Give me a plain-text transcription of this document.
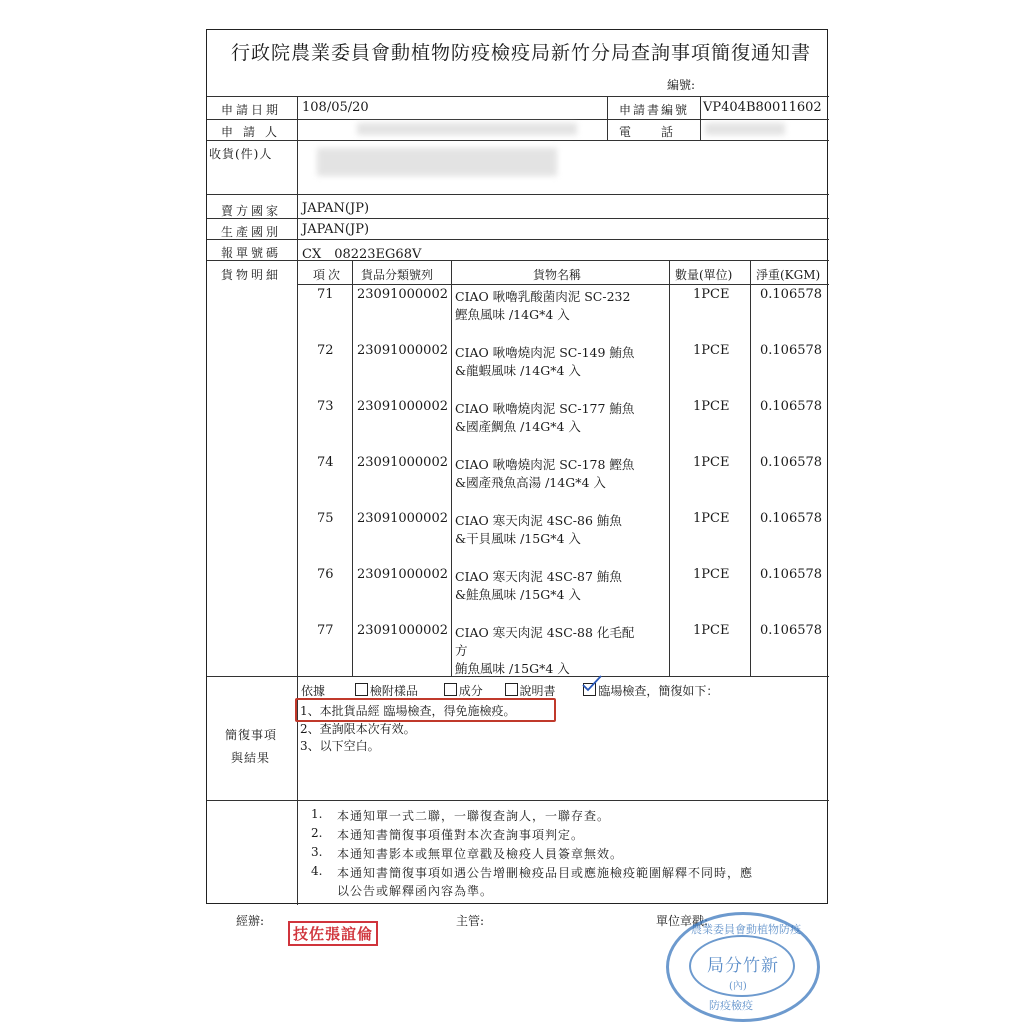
行政院農業委員會動植物防疫檢疫局新竹分局查詢事項簡復通知書
編號:
申請日期 108/05/20	申請書編號 VP404B80011602
申請人	電　　話
收貨(件)人
賣方國家 JAPAN(JP)
生產國別 JAPAN(JP)
報單號碼 CX　08223EG68V
貨物明細	項次 貨品分類號列	貨物名稱	數量(單位) 淨重(KGM)
71 23091000002 CIAO 啾嚕乳酸菌肉泥 SC-232
鰹魚風味 /14G*4 入
1PCE 0.106578
72 23091000002 CIAO 啾嚕燒肉泥 SC-149 鮪魚
&龍蝦風味 /14G*4 入
1PCE 0.106578
73 23091000002 CIAO 啾嚕燒肉泥 SC-177 鮪魚
&國產鯛魚 /14G*4 入
1PCE 0.106578
74 23091000002 CIAO 啾嚕燒肉泥 SC-178 鰹魚
&國產飛魚高湯 /14G*4 入
1PCE 0.106578
75 23091000002 CIAO 寒天肉泥 4SC-86 鮪魚
&干貝風味 /15G*4 入
1PCE 0.106578
76 23091000002 CIAO 寒天肉泥 4SC-87 鮪魚
&鮭魚風味 /15G*4 入
1PCE 0.106578
77 23091000002 CIAO 寒天肉泥 4SC-88 化毛配
方
鮪魚風味 /15G*4 入
1PCE 0.106578
簡復事項
與結果
依據	檢附樣品	成分	說明書	臨場檢查，簡復如下：
1、本批貨品經 臨場檢查，得免施檢疫。
2、查詢限本次有效。
3、以下空白。
1. 本通知單一式二聯，一聯復查詢人，一聯存查。
2. 本通知書簡復事項僅對本次查詢事項判定。
3. 本通知書影本或無單位章戳及檢疫人員簽章無效。
4. 本通知書簡復事項如遇公告增刪檢疫品目或應施檢疫範圍解釋不同時，應
以公告或解釋函內容為準。
經辦:
技佐張誼倫
主管:	單位章戳:
農業委員會動植物防疫
局分竹新
(內)
防疫檢疫
